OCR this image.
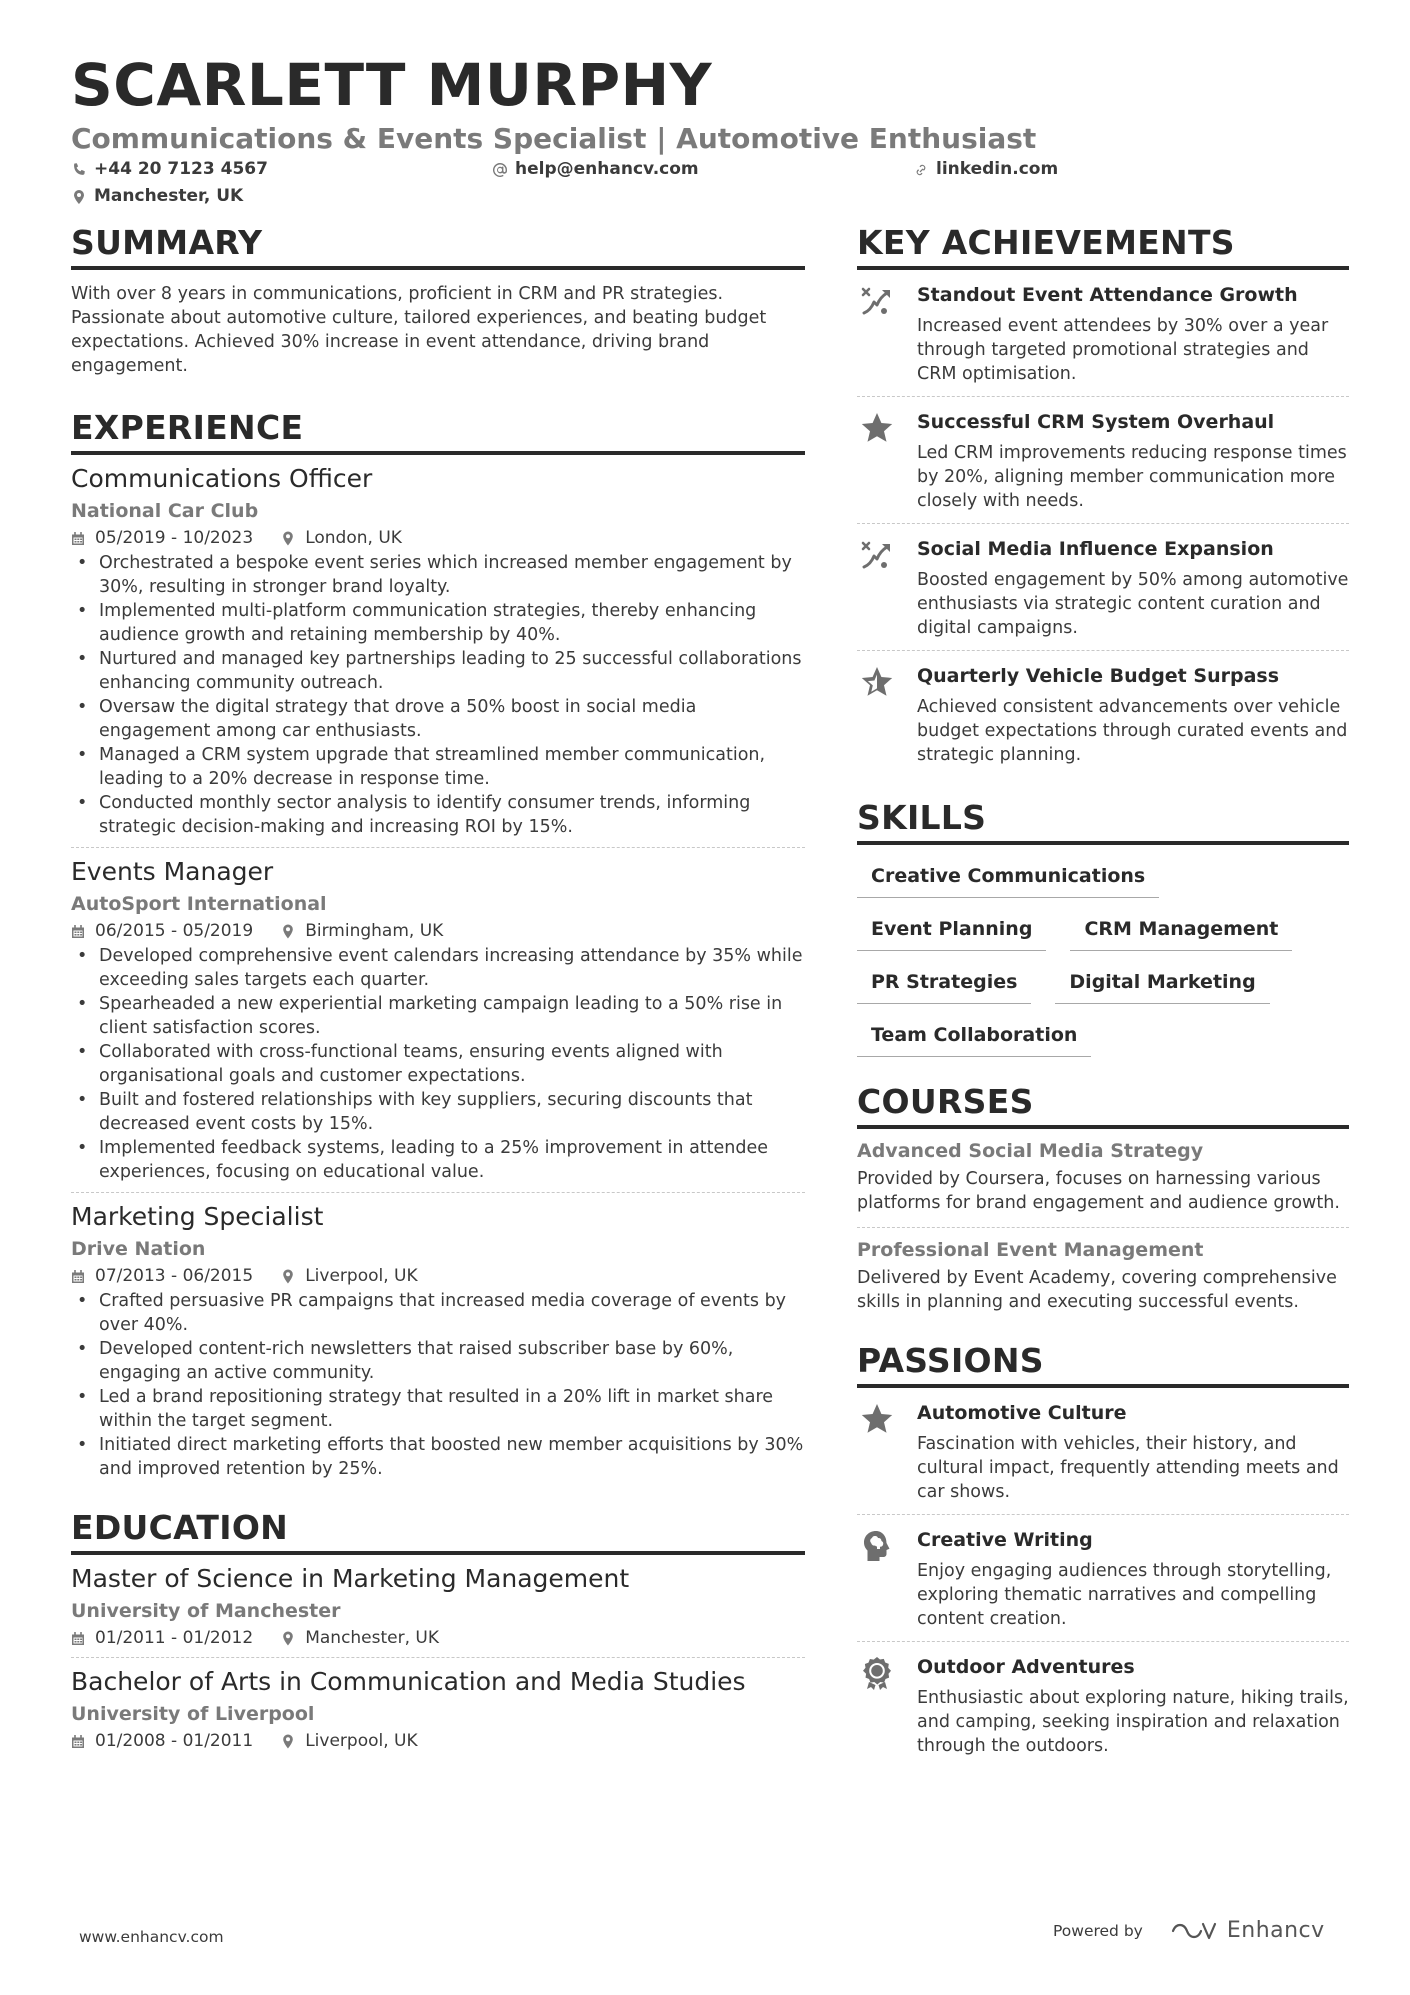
SCARLETT MURPHY
Communications & Events Specialist | Automotive Enthusiast
+44 20 7123 4567	help@enhancv.com	linkedin.com
Manchester, UK
SUMMARY
With over 8 years in communications, proficient in CRM and PR strategies. Passionate about automotive culture, tailored experiences, and beating budget expectations. Achieved 30% increase in event attendance, driving brand engagement.
EXPERIENCE
Communications Officer
National Car Club
05/2019 - 10/2023	London, UK
• Orchestrated a bespoke event series which increased member engagement by 30%, resulting in stronger brand loyalty.
• Implemented multi-platform communication strategies, thereby enhancing audience growth and retaining membership by 40%.
• Nurtured and managed key partnerships leading to 25 successful collaborations enhancing community outreach.
• Oversaw the digital strategy that drove a 50% boost in social media engagement among car enthusiasts.
• Managed a CRM system upgrade that streamlined member communication, leading to a 20% decrease in response time.
• Conducted monthly sector analysis to identify consumer trends, informing strategic decision-making and increasing ROI by 15%.
Events Manager
AutoSport International
06/2015 - 05/2019	Birmingham, UK
• Developed comprehensive event calendars increasing attendance by 35% while exceeding sales targets each quarter.
• Spearheaded a new experiential marketing campaign leading to a 50% rise in client satisfaction scores.
• Collaborated with cross-functional teams, ensuring events aligned with organisational goals and customer expectations.
• Built and fostered relationships with key suppliers, securing discounts that decreased event costs by 15%.
• Implemented feedback systems, leading to a 25% improvement in attendee experiences, focusing on educational value.
Marketing Specialist
Drive Nation
07/2013 - 06/2015	Liverpool, UK
• Crafted persuasive PR campaigns that increased media coverage of events by over 40%.
• Developed content-rich newsletters that raised subscriber base by 60%, engaging an active community.
• Led a brand repositioning strategy that resulted in a 20% lift in market share within the target segment.
• Initiated direct marketing efforts that boosted new member acquisitions by 30% and improved retention by 25%.
EDUCATION
Master of Science in Marketing Management
University of Manchester
01/2011 - 01/2012	Manchester, UK
Bachelor of Arts in Communication and Media Studies
University of Liverpool
01/2008 - 01/2011	Liverpool, UK
KEY ACHIEVEMENTS
Standout Event Attendance Growth
Increased event attendees by 30% over a year through targeted promotional strategies and CRM optimisation.
Successful CRM System Overhaul
Led CRM improvements reducing response times by 20%, aligning member communication more closely with needs.
Social Media Influence Expansion
Boosted engagement by 50% among automotive enthusiasts via strategic content curation and digital campaigns.
Quarterly Vehicle Budget Surpass
Achieved consistent advancements over vehicle budget expectations through curated events and strategic planning.
SKILLS
Creative Communications
Event Planning	CRM Management
PR Strategies	Digital Marketing
Team Collaboration
COURSES
Advanced Social Media Strategy
Provided by Coursera, focuses on harnessing various platforms for brand engagement and audience growth.
Professional Event Management
Delivered by Event Academy, covering comprehensive skills in planning and executing successful events.
PASSIONS
Automotive Culture
Fascination with vehicles, their history, and cultural impact, frequently attending meets and car shows.
Creative Writing
Enjoy engaging audiences through storytelling, exploring thematic narratives and compelling content creation.
Outdoor Adventures
Enthusiastic about exploring nature, hiking trails, and camping, seeking inspiration and relaxation through the outdoors.
www.enhancv.com	Powered by	Enhancv
